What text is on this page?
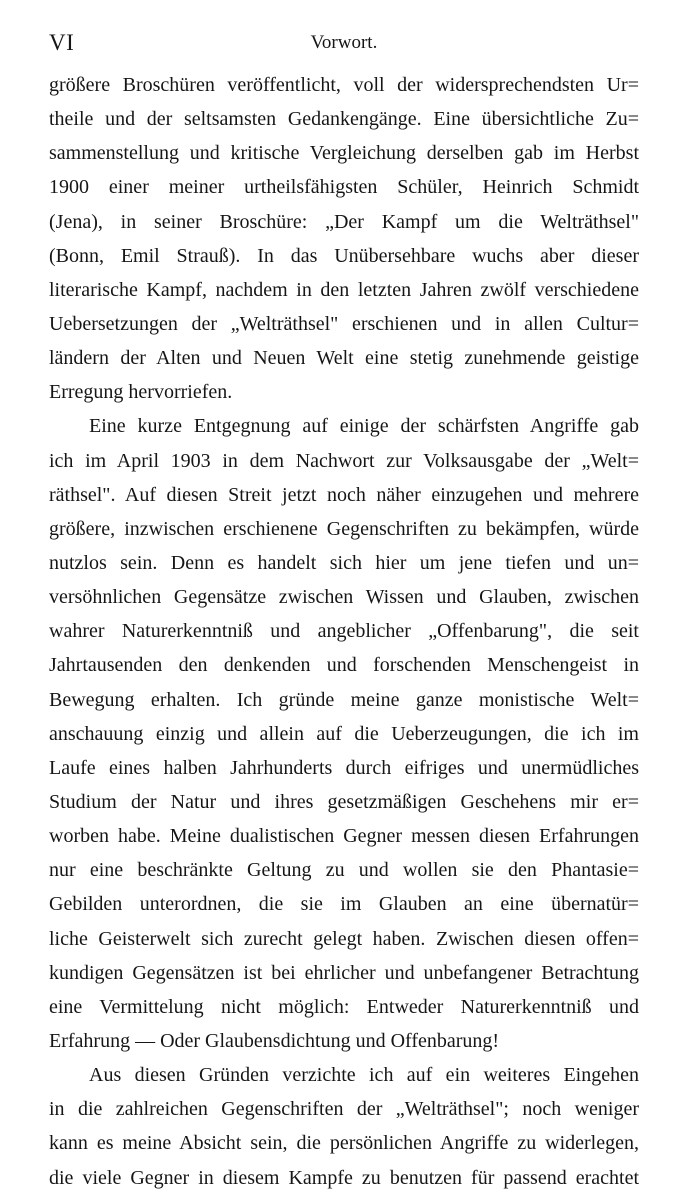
VI	Vorwort.
größere Broschüren veröffentlicht, voll der widersprechendsten Ur=
theile und der seltsamsten Gedankengänge. Eine übersichtliche Zu=
sammenstellung und kritische Vergleichung derselben gab im Herbst
1900 einer meiner urtheilsfähigsten Schüler, Heinrich Schmidt
(Jena), in seiner Broschüre: „Der Kampf um die Welträthsel"
(Bonn, Emil Strauß). In das Unübersehbare wuchs aber dieser
literarische Kampf, nachdem in den letzten Jahren zwölf verschiedene
Uebersetzungen der „Welträthsel" erschienen und in allen Cultur=
ländern der Alten und Neuen Welt eine stetig zunehmende geistige
Erregung hervorriefen.
Eine kurze Entgegnung auf einige der schärfsten Angriffe gab
ich im April 1903 in dem Nachwort zur Volksausgabe der „Welt=
räthsel". Auf diesen Streit jetzt noch näher einzugehen und mehrere
größere, inzwischen erschienene Gegenschriften zu bekämpfen, würde
nutzlos sein. Denn es handelt sich hier um jene tiefen und un=
versöhnlichen Gegensätze zwischen Wissen und Glauben, zwischen
wahrer Naturerkenntniß und angeblicher „Offenbarung", die seit
Jahrtausenden den denkenden und forschenden Menschengeist in
Bewegung erhalten. Ich gründe meine ganze monistische Welt=
anschauung einzig und allein auf die Ueberzeugungen, die ich im
Laufe eines halben Jahrhunderts durch eifriges und unermüdliches
Studium der Natur und ihres gesetzmäßigen Geschehens mir er=
worben habe. Meine dualistischen Gegner messen diesen Erfahrungen
nur eine beschränkte Geltung zu und wollen sie den Phantasie=
Gebilden unterordnen, die sie im Glauben an eine übernatür=
liche Geisterwelt sich zurecht gelegt haben. Zwischen diesen offen=
kundigen Gegensätzen ist bei ehrlicher und unbefangener Betrachtung
eine Vermittelung nicht möglich: Entweder Naturerkenntniß und
Erfahrung — Oder Glaubensdichtung und Offenbarung!
Aus diesen Gründen verzichte ich auf ein weiteres Eingehen
in die zahlreichen Gegenschriften der „Welträthsel"; noch weniger
kann es meine Absicht sein, die persönlichen Angriffe zu widerlegen,
die viele Gegner in diesem Kampfe zu benutzen für passend erachtet
